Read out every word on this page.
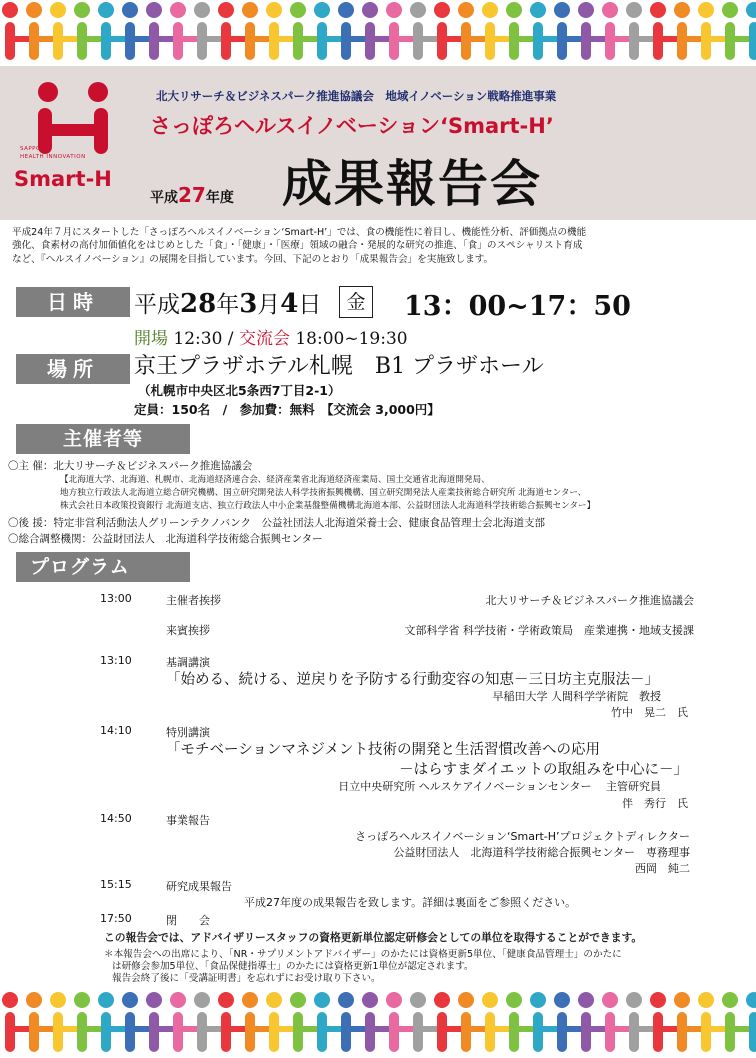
SAPPORO
HEALTH INNOVATION
Smart-H
北大リサーチ＆ビジネスパーク推進協議会　地域イノベーション戦略推進事業
さっぽろヘルスイノベーション‘Smart-H’
平成27年度 成果報告会
平成24年７月にスタートした「さっぽろヘルスイノベーション‘Smart-H’」では、食の機能性に着目し、機能性分析、評価拠点の機能
強化、食素材の高付加価値化をはじめとした「食」・「健康」・「医療」領域の融合・発展的な研究の推進、「食」のスペシャリスト育成
など、『ヘルスイノベーション』の展開を目指しています。今回、下記のとおり「成果報告会」を実施致します。
日時	平成28年3月4日	金 13：00~17：50
開場 12:30 / 交流会 18:00~19:30
場所	京王プラザホテル札幌　B1 プラザホール
（札幌市中央区北5条西7丁目2-1）
定員：150名　/　参加費：無料　【交流会 3,000円】
主催者等
〇主 催：北大リサーチ＆ビジネスパーク推進協議会
【北海道大学、北海道、札幌市、北海道経済連合会、経済産業省北海道経済産業局、国土交通省北海道開発局、
地方独立行政法人北海道立総合研究機構、国立研究開発法人科学技術振興機構、国立研究開発法人産業技術総合研究所 北海道センター、
株式会社日本政策投資銀行 北海道支店、独立行政法人中小企業基盤整備機構北海道本部、公益財団法人北海道科学技術総合振興センター】
〇後 援：特定非営利活動法人グリーンテクノバンク　公益社団法人北海道栄養士会、健康食品管理士会北海道支部
〇総合調整機関：公益財団法人　北海道科学技術総合振興センター
プログラム
13:00	主催者挨拶	北大リサーチ＆ビジネスパーク推進協議会
来賓挨拶	文部科学省 科学技術・学術政策局　産業連携・地域支援課
13:10	基調講演
「始める、続ける、逆戻りを予防する行動変容の知恵－三日坊主克服法－」
早稲田大学 人間科学学術院　教授
竹中　晃二　氏
14:10	特別講演
「モチベーションマネジメント技術の開発と生活習慣改善への応用
－はらすまダイエットの取組みを中心に－」
日立中央研究所 ヘルスケアイノベーションセンター　 主管研究員
伴　秀行　氏
14:50	事業報告
さっぽろヘルスイノベーション‘Smart-H’プロジェクトディレクター
公益財団法人　北海道科学技術総合振興センター　専務理事
西岡　純二
15:15	研究成果報告
平成27年度の成果報告を致します。詳細は裏面をご参照ください。
17:50	閉　　会
この報告会では、アドバイザリースタッフの資格更新単位認定研修会としての単位を取得することができます。
＊本報告会への出席により、「NR・サプリメントアドバイザー」のかたには資格更新5単位、「健康食品管理士」のかたに
は研修会参加5単位、「食品保健指導士」のかたには資格更新1単位が認定されます。
報告会終了後に「受講証明書」を忘れずにお受け取り下さい。
